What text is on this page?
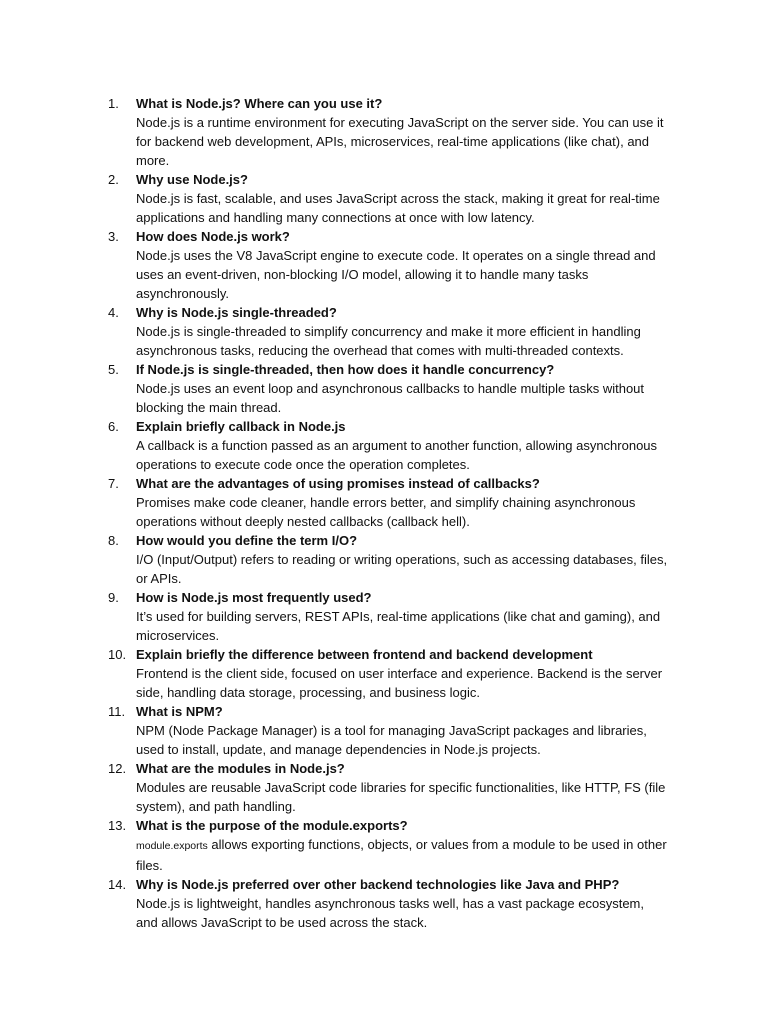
1.	What is Node.js? Where can you use it?
Node.js is a runtime environment for executing JavaScript on the server side. You can use it for backend web development, APIs, microservices, real-time applications (like chat), and more.
2.	Why use Node.js?
Node.js is fast, scalable, and uses JavaScript across the stack, making it great for real-time applications and handling many connections at once with low latency.
3.	How does Node.js work?
Node.js uses the V8 JavaScript engine to execute code. It operates on a single thread and uses an event-driven, non-blocking I/O model, allowing it to handle many tasks asynchronously.
4.	Why is Node.js single-threaded?
Node.js is single-threaded to simplify concurrency and make it more efficient in handling asynchronous tasks, reducing the overhead that comes with multi-threaded contexts.
5.	If Node.js is single-threaded, then how does it handle concurrency?
Node.js uses an event loop and asynchronous callbacks to handle multiple tasks without blocking the main thread.
6.	Explain briefly callback in Node.js
A callback is a function passed as an argument to another function, allowing asynchronous operations to execute code once the operation completes.
7.	What are the advantages of using promises instead of callbacks?
Promises make code cleaner, handle errors better, and simplify chaining asynchronous operations without deeply nested callbacks (callback hell).
8.	How would you define the term I/O?
I/O (Input/Output) refers to reading or writing operations, such as accessing databases, files, or APIs.
9.	How is Node.js most frequently used?
It’s used for building servers, REST APIs, real-time applications (like chat and gaming), and microservices.
10. Explain briefly the difference between frontend and backend development
Frontend is the client side, focused on user interface and experience. Backend is the server side, handling data storage, processing, and business logic.
11. What is NPM?
NPM (Node Package Manager) is a tool for managing JavaScript packages and libraries, used to install, update, and manage dependencies in Node.js projects.
12. What are the modules in Node.js?
Modules are reusable JavaScript code libraries for specific functionalities, like HTTP, FS (file system), and path handling.
13. What is the purpose of the module.exports?
module.exports allows exporting functions, objects, or values from a module to be used in other files.
14. Why is Node.js preferred over other backend technologies like Java and PHP?
Node.js is lightweight, handles asynchronous tasks well, has a vast package ecosystem, and allows JavaScript to be used across the stack.
